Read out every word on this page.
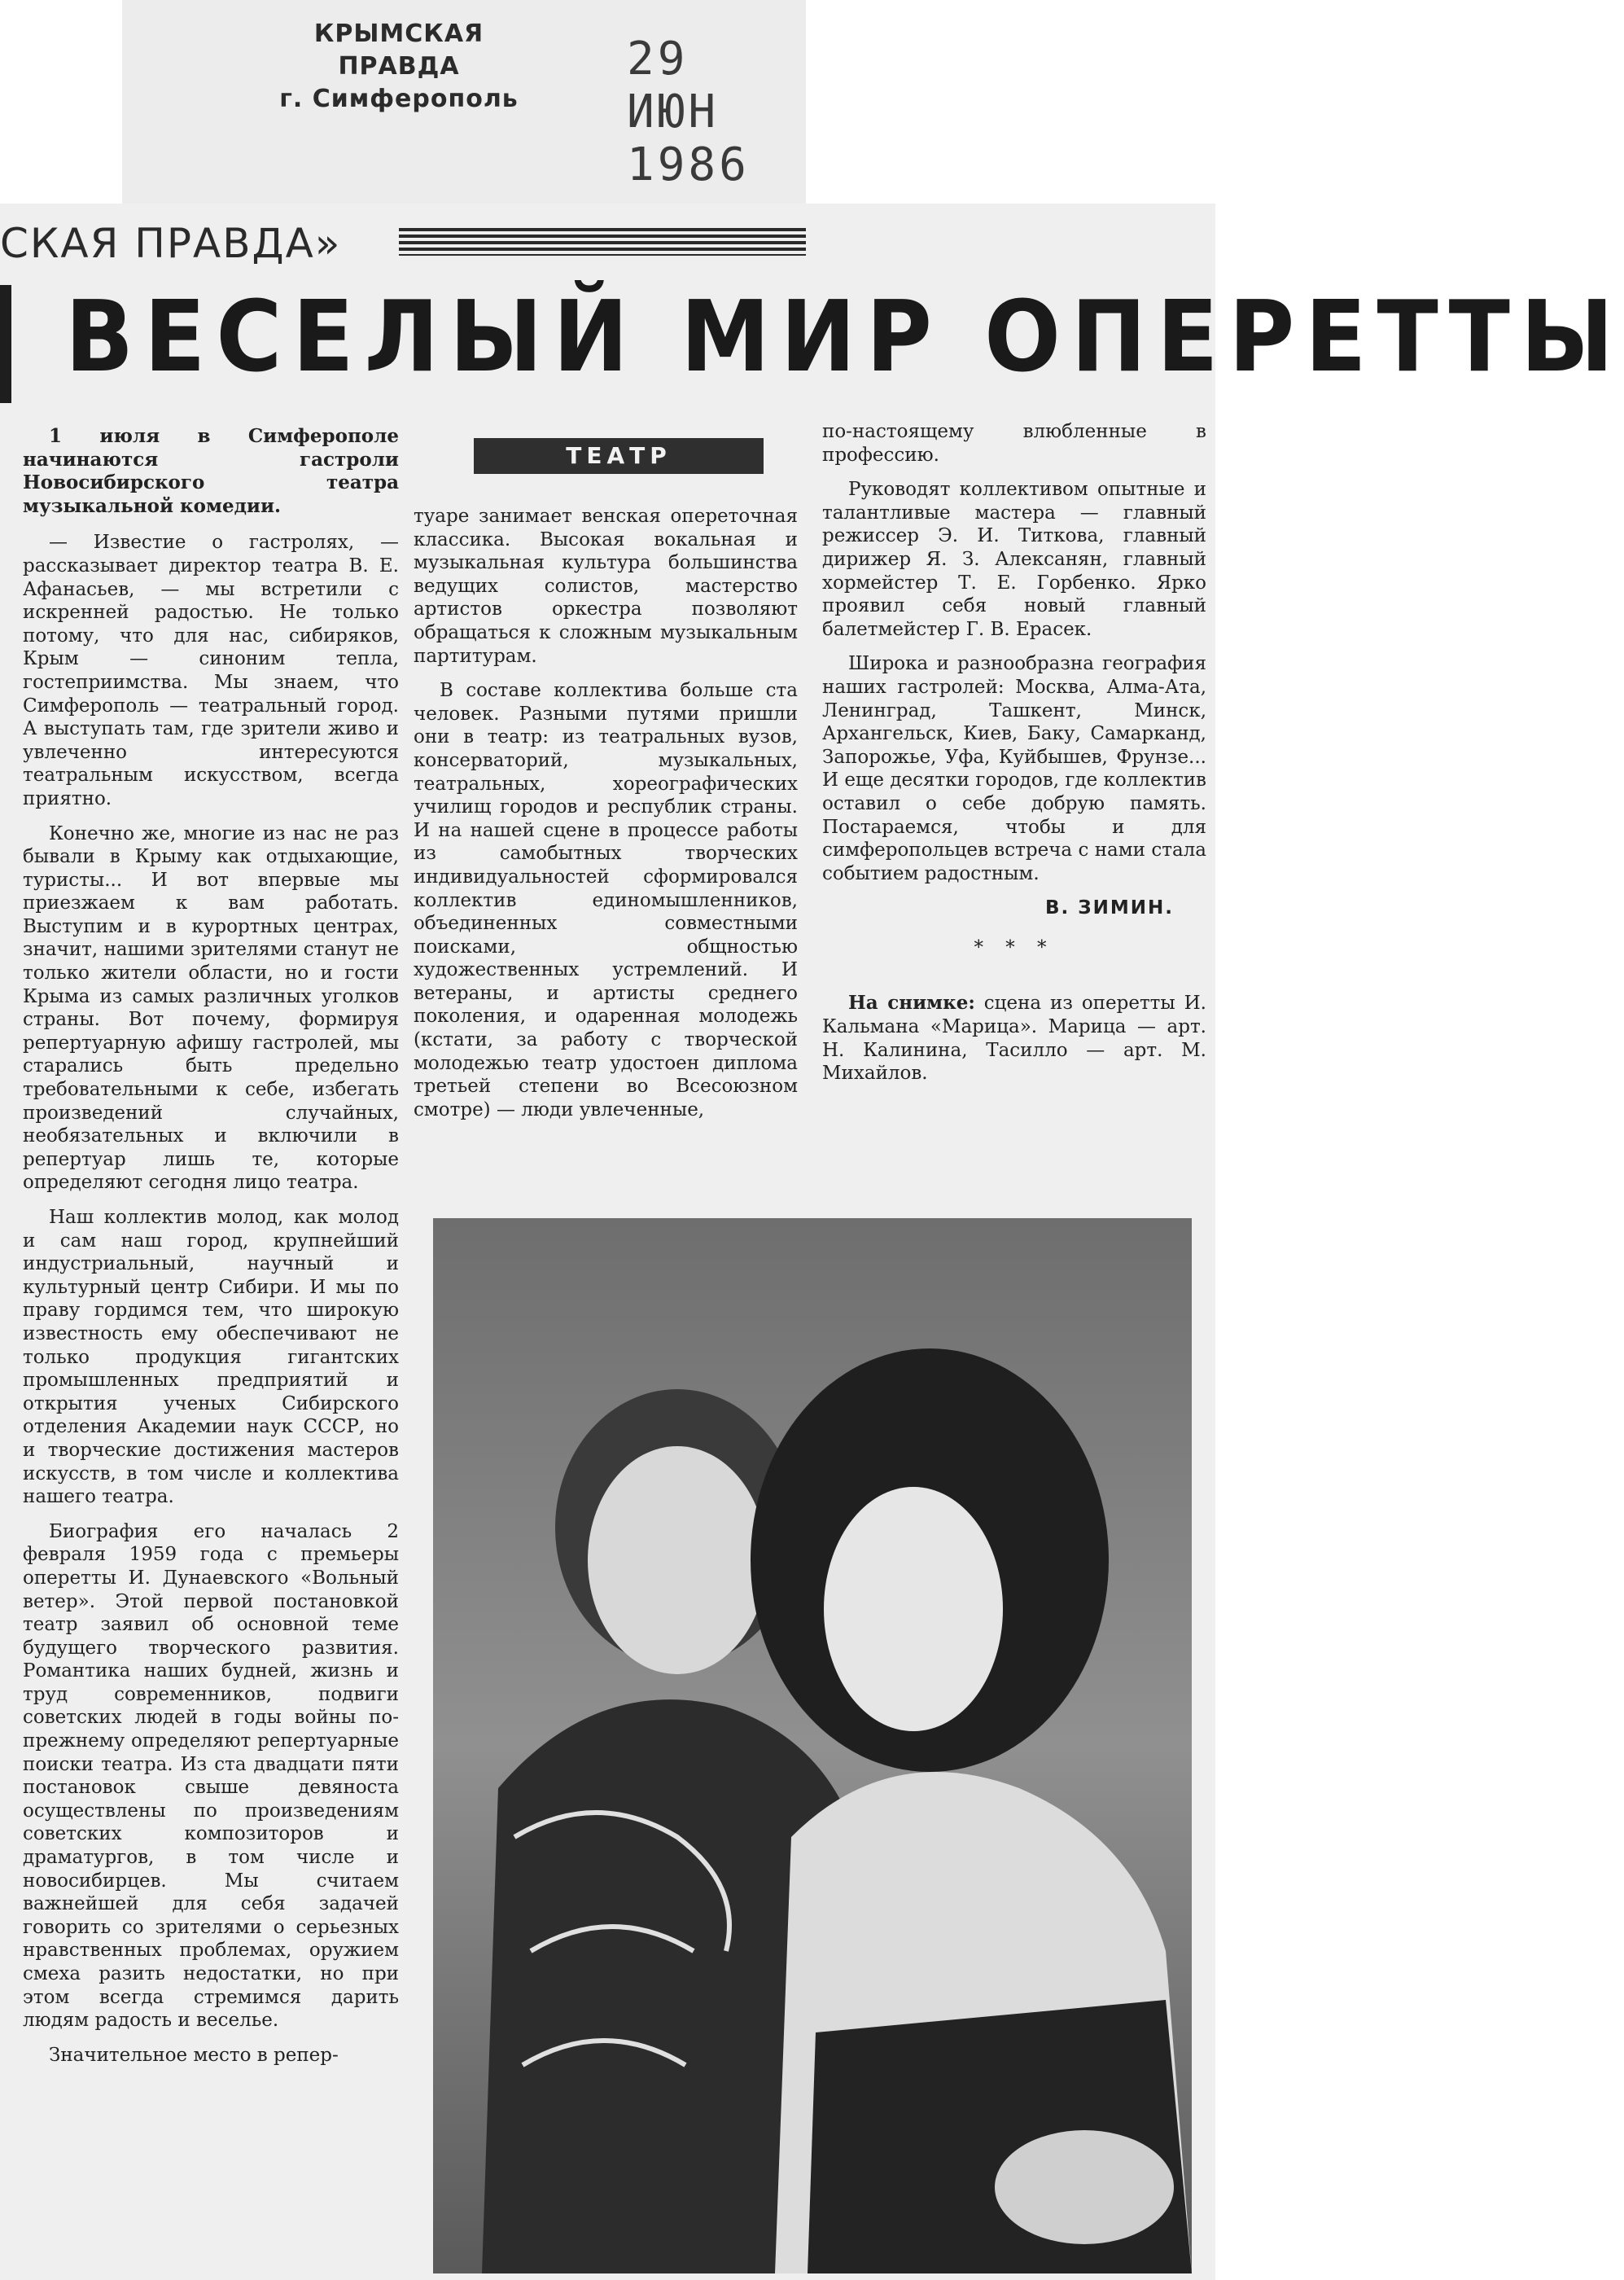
КРЫМСКАЯ ПРАВДА
г. Симферополь
29 ИЮН 1986
СКАЯ ПРАВДА»
ВЕСЕЛЫЙ МИР ОПЕРЕТТЫ
ТЕАТР

1 июля в Симферополе начинаются гастроли Новосибирского театра музыкальной комедии.

— Известие о гастролях, — рассказывает директор театра В. Е. Афанасьев, — мы встретили с искренней радостью. Не только потому, что для нас, сибиряков, Крым — синоним тепла, гостеприимства. Мы знаем, что Симферополь — театральный город. А выступать там, где зрители живо и увлеченно интересуются театральным искусством, всегда приятно.

Конечно же, многие из нас не раз бывали в Крыму как отдыхающие, туристы... И вот впервые мы приезжаем к вам работать. Выступим и в курортных центрах, значит, нашими зрителями станут не только жители области, но и гости Крыма из самых различных уголков страны. Вот почему, формируя репертуарную афишу гастролей, мы старались быть предельно требовательными к себе, избегать произведений случайных, необязательных и включили в репертуар лишь те, которые определяют сегодня лицо театра.

Наш коллектив молод, как молод и сам наш город, крупнейший индустриальный, научный и культурный центр Сибири. И мы по праву гордимся тем, что широкую известность ему обеспечивают не только продукция гигантских промышленных предприятий и открытия ученых Сибирского отделения Академии наук СССР, но и творческие достижения мастеров искусств, в том числе и коллектива нашего театра.

Биография его началась 2 февраля 1959 года с премьеры оперетты И. Дунаевского «Вольный ветер». Этой первой постановкой театр заявил об основной теме будущего творческого развития. Романтика наших будней, жизнь и труд современников, подвиги советских людей в годы войны по-прежнему определяют репертуарные поиски театра. Из ста двадцати пяти постановок свыше девяноста осуществлены по произведениям советских композиторов и драматургов, в том числе и новосибирцев. Мы считаем важнейшей для себя задачей говорить со зрителями о серьезных нравственных проблемах, оружием смеха разить недостатки, но при этом всегда стремимся дарить людям радость и веселье.

Значительное место в репер-

туаре занимает венская опереточная классика. Высокая вокальная и музыкальная культура большинства ведущих солистов, мастерство артистов оркестра позволяют обращаться к сложным музыкальным партитурам.

В составе коллектива больше ста человек. Разными путями пришли они в театр: из театральных вузов, консерваторий, музыкальных, театральных, хореографических училищ городов и республик страны. И на нашей сцене в процессе работы из самобытных творческих индивидуальностей сформировался коллектив единомышленников, объединенных совместными поисками, общностью художественных устремлений. И ветераны, и артисты среднего поколения, и одаренная молодежь (кстати, за работу с творческой молодежью театр удостоен диплома третьей степени во Всесоюзном смотре) — люди увлеченные,

по-настоящему влюбленные в профессию.

Руководят коллективом опытные и талантливые мастера — главный режиссер Э. И. Титкова, главный дирижер Я. З. Алексанян, главный хормейстер Т. Е. Горбенко. Ярко проявил себя новый главный балетмейстер Г. В. Ерасек.

Широка и разнообразна география наших гастролей: Москва, Алма-Ата, Ленинград, Ташкент, Минск, Архангельск, Киев, Баку, Самарканд, Запорожье, Уфа, Куйбышев, Фрунзе... И еще десятки городов, где коллектив оставил о себе добрую память. Постараемся, чтобы и для симферопольцев встреча с нами стала событием радостным.

В. ЗИМИН.

* * *

На снимке: сцена из оперетты И. Кальмана «Марица». Марица — арт. Н. Калинина, Тасилло — арт. М. Михайлов.
